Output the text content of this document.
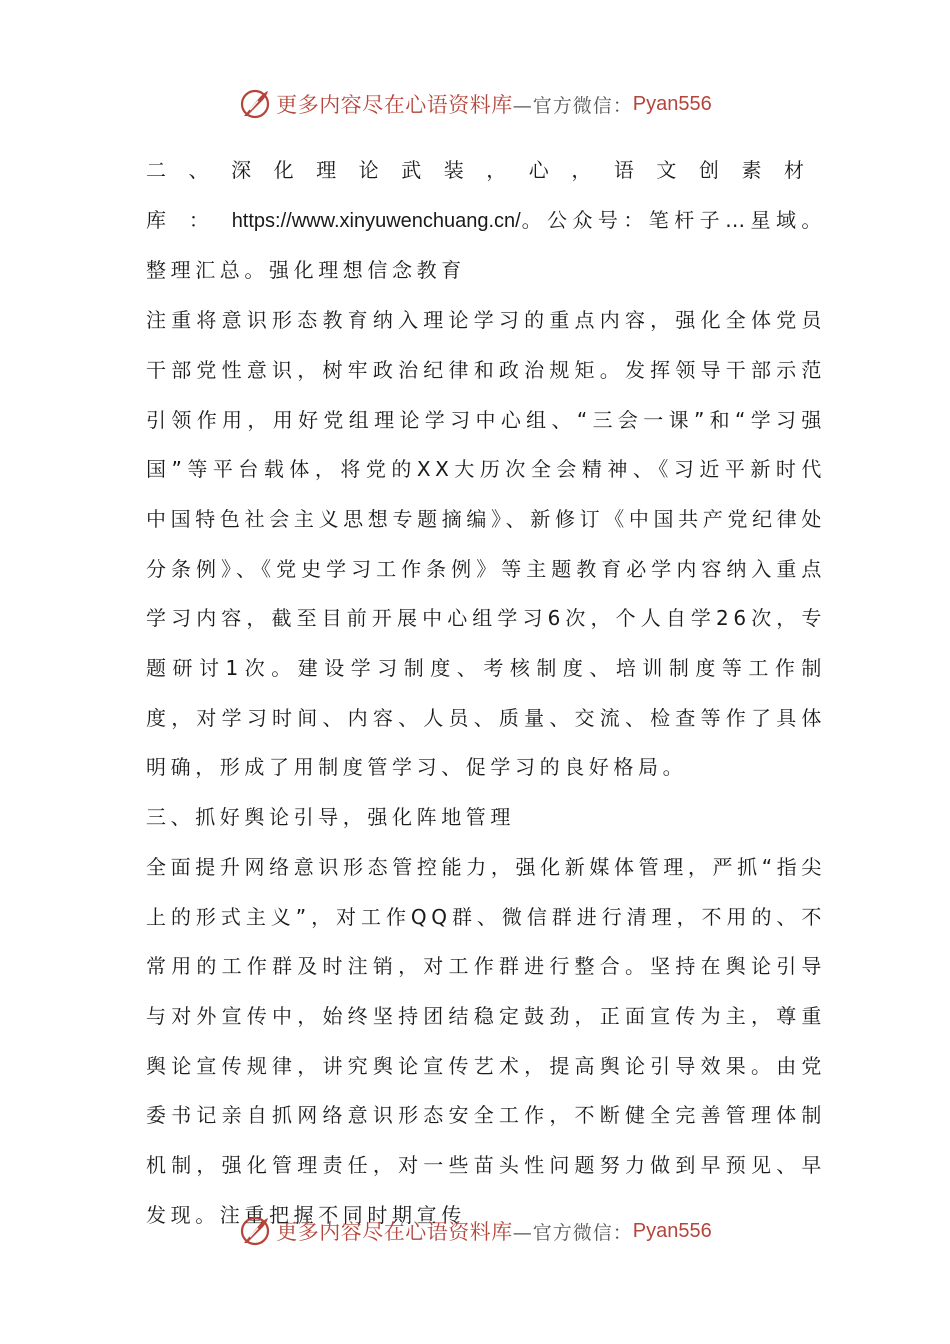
更多内容尽在心语资料库 —官方微信： Pyan556

二、深化理论武装，心，语文创素材库：https://www.xinyuwenchuang.cn/。公众号：笔杆子…星域。整理汇总。强化理想信念教育

注重将意识形态教育纳入理论学习的重点内容，强化全体党员干部党性意识，树牢政治纪律和政治规矩。发挥领导干部示范引领作用，用好党组理论学习中心组、“三会一课”和“学习强国”等平台载体，将党的XX大历次全会精神、《习近平新时代中国特色社会主义思想专题摘编》、新修订《中国共产党纪律处分条例》、《党史学习工作条例》等主题教育必学内容纳入重点学习内容，截至目前开展中心组学习6次，个人自学26次，专题研讨1次。建设学习制度、考核制度、培训制度等工作制度，对学习时间、内容、人员、质量、交流、检查等作了具体明确，形成了用制度管学习、促学习的良好格局。

三、抓好舆论引导，强化阵地管理

全面提升网络意识形态管控能力，强化新媒体管理，严抓“指尖上的形式主义”，对工作QQ群、微信群进行清理，不用的、不常用的工作群及时注销，对工作群进行整合。坚持在舆论引导与对外宣传中，始终坚持团结稳定鼓劲，正面宣传为主，尊重舆论宣传规律，讲究舆论宣传艺术，提高舆论引导效果。由党委书记亲自抓网络意识形态安全工作，不断健全完善管理体制机制，强化管理责任，对一些苗头性问题努力做到早预见、早发现。注重把握不同时期宣传

更多内容尽在心语资料库 —官方微信： Pyan556
